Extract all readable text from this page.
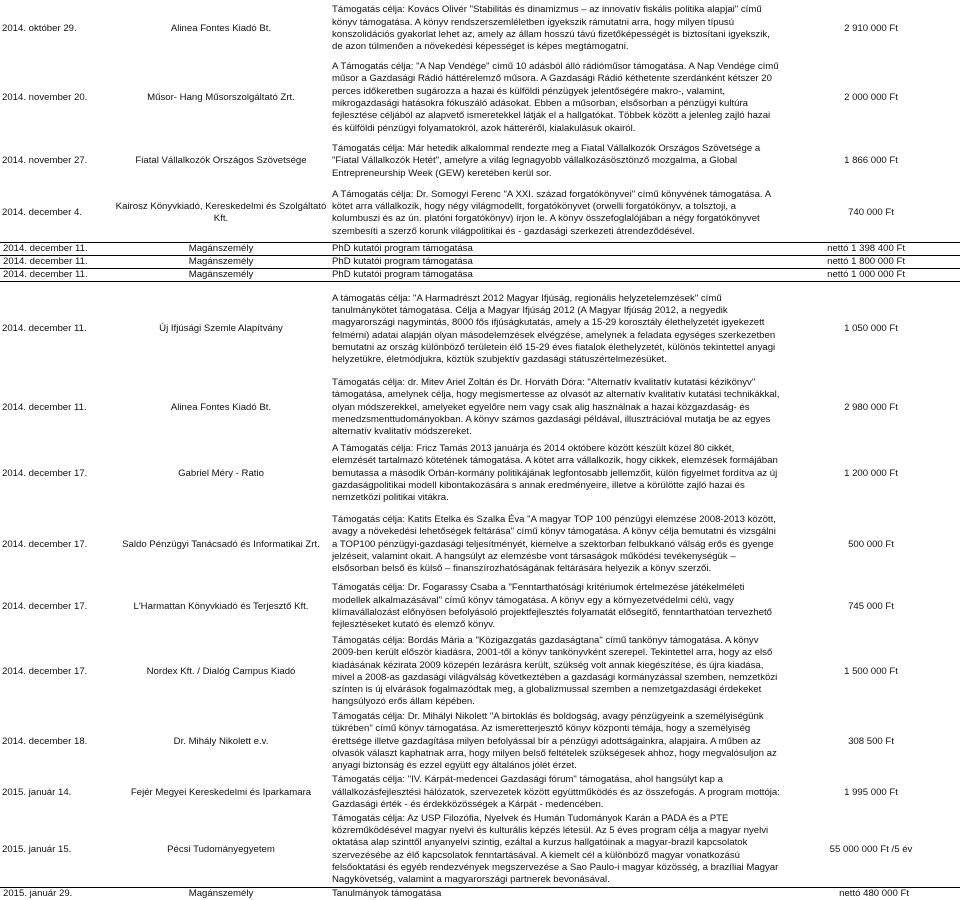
2014. október 29.	Alinea Fontes Kiadó Bt.	Támogatás célja: Kovács Olivér "Stabilitás és dinamizmus – az innovatív fiskális politika alapjai" című könyv támogatása. A könyv rendszerszemléletben igyekszik rámutatni arra, hogy milyen típusú konszolidációs gyakorlat lehet az, amely az állam hosszú távú fizetőképességét is biztosítani igyekszik, de azon túlmenően a növekedési képességet is képes megtámogatni.	2 910 000 Ft
2014. november 20.	Műsor- Hang Műsorszolgáltató Zrt.	A Támogatás célja: "A Nap Vendége" című 10 adásból álló rádióműsor támogatása. A Nap Vendége című műsor a Gazdasági Rádió háttérelemző műsora. A Gazdasági Rádió kéthetente szerdánként kétszer 20 perces időkeretben sugározza a hazai és külföldi pénzügyek jelentőségére makro-, valamint, mikrogazdasági hatásokra fókuszáló adásokat. Ebben a műsorban, elsősorban a pénzügyi kultúra fejlesztése céljából az alapvető ismeretekkel látják el a hallgatókat. Többek között a jelenleg zajló hazai és külföldi pénzügyi folyamatokról, azok hátteréről, kialakulásuk okairól.	2 000 000 Ft
2014. november 27.	Fiatal Vállalkozók Országos Szövetsége	Támogatás célja: Már hetedik alkalommal rendezte meg a Fiatal Vállalkozók Országos Szövetsége a "Fiatal Vállalkozók Hetét", amelyre a világ legnagyobb vállalkozásösztönző mozgalma, a Global Entrepreneurship Week (GEW) keretében kerül sor.	1 866 000 Ft
2014. december 4.	Kairosz Könyvkiadó, Kereskedelmi és Szolgáltató Kft.	A Támogatás célja: Dr. Somogyi Ferenc "A XXI. század forgatókönyvei" című könyvének támogatása. A kötet arra vállalkozik, hogy négy világmodellt, forgatókönyvet (orwelli forgatókönyv, a tolsztoji, a kolumbuszi és az ún. platóni forgatókönyv) írjon le. A könyv összefoglalójában a négy forgatókönyvet szembesíti a szerző korunk világpolitikai és - gazdasági szerkezeti átrendeződésével.	740 000 Ft
2014. december 11.	Magánszemély	PhD kutatói program támogatása	nettó 1 398 400 Ft
2014. december 11.	Magánszemély	PhD kutatói program támogatása	nettó 1 800 000 Ft
2014. december 11.	Magánszemély	PhD kutatói program támogatása	nettó 1 000 000 Ft
2014. december 11.	Új Ifjúsági Szemle Alapítvány	A támogatás célja: "A Harmadrészt 2012 Magyar Ifjúság, regionális helyzetelemzések" című tanulmánykötet támogatása. Célja a Magyar Ifjúság 2012 (A Magyar Ifjúság 2012, a negyedik magyarországi nagymintás, 8000 fős ifjúságkutatás, amely a 15-29 korosztály élethelyzetét igyekezett felmérni) adatai alapján olyan másodelemzések elvégzése, amelynek a feladata egységes szerkezetben bemutatni az ország különböző területein élő 15-29 éves fiatalok élethelyzetét, különös tekintettel anyagi helyzetükre, életmódjukra, köztük szubjektív gazdasági státuszértelmezésüket.	1 050 000 Ft
2014. december 11.	Alinea Fontes Kiadó Bt.	Támogatás célja: dr. Mitev Ariel Zoltán és Dr. Horváth Dóra: "Alternatív kvalitatív kutatási kézikönyv" támogatása, amelynek célja, hogy megismertesse az olvasót az alternatív kvalitatív kutatási technikákkal, olyan módszerekkel, amelyeket egyelőre nem vagy csak alig használnak a hazai közgazdaság- és menedzsmenttudományokban. A könyv számos gazdasági példával, illusztrációval mutatja be az egyes alternatív kvalitatív módszereket.	2 980 000 Ft
2014. december 17.	Gabriel Méry - Ratio	A Támogatás célja: Fricz Tamás 2013 januárja és 2014 októbere között készült közel 80 cikkét, elemzését tartalmazó kötetének támogatása. A kötet arra vállalkozik, hogy cikkek, elemzések formájában bemutassa a második Orbán-kormány politikájának legfontosabb jellemzőit, külön figyelmet fordítva az új gazdaságpolitikai modell kibontakozására s annak eredményeire, illetve a körülötte zajló hazai és nemzetközi politikai vitákra.	1 200 000 Ft
2014. december 17.	Saldo Pénzügyi Tanácsadó és Informatikai Zrt.	Támogatás célja: Katits Etelka és Szalka Éva "A magyar TOP 100 pénzügyi elemzése 2008-2013 között, avagy a növekedési lehetőségek feltárása" című könyv támogatása. A könyv célja bemutatni és vizsgálni a TOP100 pénzügyi-gazdasági teljesítményét, kiemelve a szektorban felbukkanó válság erős és gyenge jelzéseit, valamint okait. A hangsúlyt az elemzésbe vont társaságok működési tevékenységük – elsősorban belső és külső – finanszírozhatóságának feltárására helyezik a könyv szerzői.	500 000 Ft
2014. december 17.	L'Harmattan Könyvkiadó és Terjesztő Kft.	Támogatás célja: Dr. Fogarassy Csaba a "Fenntarthatósági kritériumok értelmezése játékelméleti modellek alkalmazásával" című könyv támogatása. A könyv egy a környezetvédelmi célú, vagy klímavállalozást előnyösen befolyásoló projektfejlesztés folyamatát elősegítő, fenntarthatóan tervezhető fejlesztéseket kutató és elemző könyv.	745 000 Ft
2014. december 17.	Nordex Kft. / Dialóg Campus Kiadó	Támogatás célja: Bordás Mária a "Közigazgatás gazdaságtana" című tankönyv támogatása. A könyv 2009-ben került először kiadásra, 2001-től a könyv tankönyvként szerepel. Tekintettel arra, hogy az első kiadásának kézirata 2009 közepén lezárásra került, szükség volt annak kiegészítése, és újra kiadása, mivel a 2008-as gazdasági világválság következtében a gazdasági kormányzással szemben, nemzetközi színten is új elvárások fogalmazódtak meg, a globalizmussal szemben a nemzetgazdasági érdekeket hangsúlyozó erős állam képében.	1 500 000 Ft
2014. december 18.	Dr. Mihály Nikolett e.v.	Támogatás célja: Dr. Mihályi Nikolett "A birtoklás és boldogság, avagy pénzügyeink a személyiségünk tükrében" című könyv támogatása. Az ismeretterjesztő könyv központi témája, hogy a személyiség érettsége illetve gazdagítása milyen befolyással bír a pénzügyi adottságainkra, alapjaira. A műben az olvasók választ kaphatnak arra, hogy milyen belső feltételek szükségesek ahhoz, hogy megvalósuljon az anyagi biztonság és ezzel együtt egy általános jólét érzet.	308 500 Ft
2015. január 14.	Fejér Megyei Kereskedelmi és Iparkamara	Támogatás célja: "IV. Kárpát-medencei Gazdasági fórum" támogatása, ahol hangsúlyt kap a vállalkozásfejlesztési hálózatok, szervezetek között együttműködés és az összefogás. A program mottója: Gazdasági érték - és érdekközösségek a Kárpát - medencében.	1 995 000 Ft
2015. január 15.	Pécsi Tudományegyetem	Támogatás célja: Az USP Filozófia, Nyelvek és Humán Tudományok Karán a PADA és a PTE közreműködésével magyar nyelvi és kulturális képzés létesül. Az 5 éves program célja a magyar nyelvi oktatása alap szinttől anyanyelvi szintig, ezáltal a kurzus hallgatóinak a magyar-brazil kapcsolatok szervezésébe az élő kapcsolatok fenntartásával. A kiemelt cél a különböző magyar vonatkozású felsőoktatási és egyéb rendezvények megszervezése a Sao Paulo-i magyar közösség, a brazíliai Magyar Nagykövetség, valamint a magyarországi partnerek bevonásával.	55 000 000 Ft /5 év
2015. január 29.	Magánszemély	Tanulmányok támogatása	nettó 480 000 Ft
